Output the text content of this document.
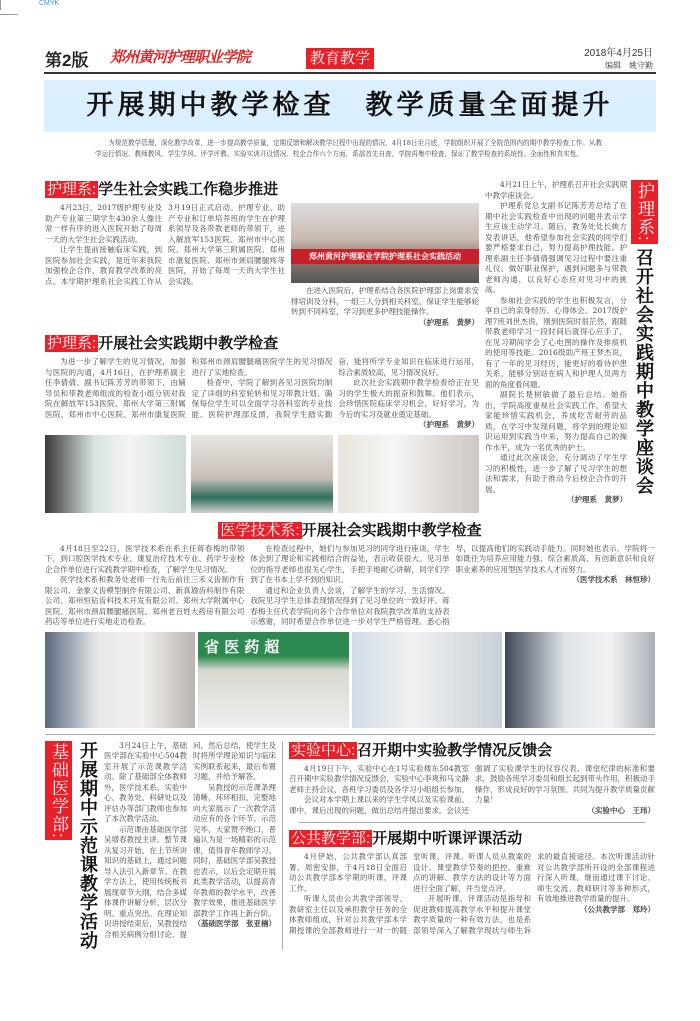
CMYK
第2版 郑州黄河护理职业学院	教育教学	2018年4月25日
编辑　姚守勤
开展期中教学检查　教学质量全面提升

为规范教学管理，深化教学改革，进一步提高教学质量，定期反馈和解决教学过程中出现的情况，4月18日至月底，学院组织开展了全院范围内的期中教学检查工作。从教学运行情况、教师教风、学生学风、评学评教、实验实训开设情况、校企合作六个方面，系部首先自查，学院再集中检查，保证了教学检查的系统性、全面性和真实性。

护理系: 学生社会实践工作稳步推进

4月23日，2017级护理专业及助产专业第三期学生430余人像往常一样有序的进入医院开始了每周一天的大学生社会实践活动。

让学生提前接触临床实践，到医院参加社会实践，是近年来我院加强校企合作、教育教学改革的亮点。本学期护理系社会实践工作从3月19日正式启动。护理专业、助产专业和订单培养班的学生在护理系领导及各带教老师的带领下，进入解放军153医院、郑州市中心医院、郑州大学第三附属医院、郑州市康复医院、郑州市颈肩腰腿疼等医院，开始了每周一天的大学生社会实践。

郑州黄河护理职业学院护理系社会实践活动

在进入医院后，护理系结合各医院护理部上岗要求安排培训及分科，一组三人分到相关科室，保证学生能够轮转到不同科室，学习到更多护理技能操作。

（护理系　黄梦）
护理系: 开展社会实践期中教学检查

为进一步了解学生的见习情况，加强与医院的沟通，4月16日，在护理系副主任李倩倩、副书记陈芳芳的带领下，由辅导员和带教老师组成的检查小组分别对我院在解放军153医院、郑州大学第三附属医院、郑州市中心医院、郑州市康复医院和郑州市颈肩腰腿痛医院学生的见习情况进行了实地检查。

检查中，学院了解到各见习医院均制定了详细的科室轮转和见习带教计划，确保每位学生可以全面学习各科室的专业技能。医院护理部反馈，我院学生踏实勤奋，能将所学专业知识在临床进行运用，综合素质较高，见习情况良好。

此次社会实践期中教学检查给正在见习的学生极大的振奋和鼓舞。他们表示，会珍惜医院临床学习机会，好好学习，为今后的实习及就业奠定基础。

（护理系　黄梦）

4月21日上午，护理系召开社会实践期中教学座谈会。

护理系党总支副书记陈芳芳总结了在期中社会实践检查中出现的问题并表示学生应该主动学习。随后，教务处处长姚方发表讲话，他希望参加社会实践的同学们要严格要求自己，努力提高护理技能。护理系副主任李倩倩强调见习过程中要注重礼仪、做好职业保护，遇到问题多与带教老师沟通，以良好心态应对见习中的挑战。

参加社会实践的学生也积极发言，分享自己的亲身经历、心得体会。2017级护理7班刘世杰说，刚到医院时很茫然，跟随带教老师学习一段时间后就得心应手了，在见习期间学会了心电图的操作及排痰机的使用等技能。2016级助产班王梦杰说，有了一年的见习经历，能更好的看待护患关系，能够分别站在病人和护理人员两方面的角度看问题。

副院长楚树敏做了最后总结。她指出，学院高度重视社会实践工作，希望大家能珍惜实践机会，养成吃苦耐劳的品质，在学习中发现问题，将学到的理论知识运用到实践当中来，努力提高自己的操作水平，成为一名优秀的护士。

通过此次座谈会，充分调动了学生学习的积极性，进一步了解了见习学生的想法和需求，有助于推动今后校企合作的开展。

（护理系　黄梦）
护理系:
召开社会实践期中教学座谈会
医学技术系: 开展社会实践期中教学检查

4月18日至22日，医学技术系在系主任蒋春梅的带领下，到口腔医学技术专业、康复治疗技术专业、药学专业校企合作单位进行实践教学期中检查，了解学生见习情况。

医学技术系和教务处老师一行先后前往三禾义齿制作有限公司、金象义齿模型制作有限公司、新真瑜齿科制作有限公司、郑州恒钻齿科技术开发有限公司、郑州大学附属中心医院、郑州市颈肩腰腿痛医院、郑州老百姓大药房有限公司药店等单位进行实地走访检查。

在检查过程中，她们与参加见习的同学进行座谈，学生体会到了理论和实践相结合的益处，表示收获很大。见习单位的指导老师也很关心学生，手把手地耐心讲解，同学们学到了在书本上学不到的知识。

通过和企业负责人会谈，了解学生的学习、生活情况。我院见习学生总体表现情况得到了见习单位的一致好评。蒋春梅主任代表学院向各个合作单位对我院教学改革的支持表示感谢，同时希望合作单位进一步对学生严格管理、悉心指导，以提高他们的实践动手能力。同时她也表示，学院将一如既往为培养应用能力强、综合素质高、有创新意识和良好职业素养的应用型医学技术人才而努力。

（医学技术系　林恒珍）
省医药超
基础医学部: 开展期中示范课教学活动	3月24日上午，基础医学部在实验中心504教室开展了示范课教学活动。除了基础部全体教师外，医学技术系、实验中心、教务处、科研处以及评估办等部门教师也参加了本次教学活动。

示范课由基础医学部吴增春教授主讲。整节课从复习开始，在上节所讲知识的基础上，通过问题导入法引入新章节。在教学方法上，使用传统板书展现章节大纲，结合多媒体课件讲解分析，层次分明、重点突出。在理论知识讲授结束后，吴教授结合相关病例分组讨论、提问，然后总结，使学生及时将所学理论知识与临床实例联系起来，最后布置习题，并给予解答。

吴教授的示范课条理清晰，环环相扣，完整地向大家展示了一次教学活动应有的各个环节。示范完毕，大家赞不绝口，普遍认为是一场精彩的示范课，值得青年教师学习。同时，基础医学部吴教授也表示，以后会定期开展此类教学活动，以提高青年教师的教学水平，改善教学效果，推进基础医学部教学工作再上新台阶。

（基础医学部　张亚楠）
实验中心: 召开期中实验教学情况反馈会

4月19日下午，实验中心在1号实验楼东504教室召开期中实验教学情况反馈会，实验中心李爽和马文静老师主持会议，各班学习委员及各学习小组组长参加。

会议对本学期上课以来的学生学风以及实验课前、课中、课后出现的问题，做出总结并提出要求。会议还强调了实验课学生的仪容仪表、课堂纪律的标准和要求，鼓励各班学习委员和组长起到带头作用，积极动手操作，形成良好的学习氛围，共同为提升教学质量贡献力量！

（实验中心　王玮）
公共教学部: 开展期中听课评课活动

4月伊始，公共教学部认真部署、周密安排，于4月18日全面启动公共教学部本学期的听课、评课工作。

听课人员由公共教学部领导、教研室主任以及承担教学任务的全体教师组成，针对公共教学部本学期授课的全部教师进行一对一的随堂听课、评课。听课人员从教案的设计、课堂教学节奏的把控、重难点的讲解、教学方法的设计等方面进行全面了解，并当堂点评。

开展听课、评课活动是指导和促进教师提高教学水平和提升课堂教学质量的一种有效方法，也是系部领导深入了解教学现状与师生诉求的最直接途径。本次听课活动针对公共教学部所开设的全部课程进行深入听课，继而通过课下讨论、师生交流、教师研讨等多种形式，有效地推进教学质量的提升。

（公共教学部　郑玲）
